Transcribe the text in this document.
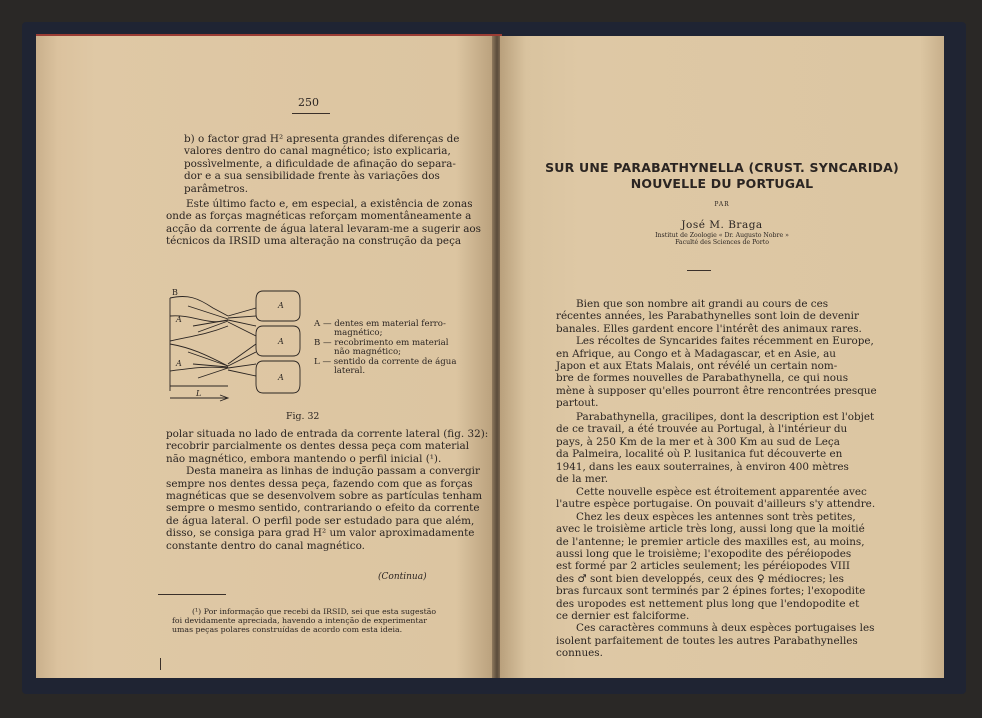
250
b) o factor grad H² apresenta grandes diferenças de
valores dentro do canal magnético; isto explicaria,
possìvelmente, a dificuldade de afinação do separa-
dor e a sua sensibilidade frente às variações dos
parâmetros.
Este último facto e, em especial, a existência de zonas
onde as forças magnéticas reforçam momentâneamente a
acção da corrente de água lateral levaram-me a sugerir aos
técnicos da IRSID uma alteração na construção da peça
B
A
A
A
A
A
L
A — dentes em material ferro-
magnético;
B — recobrimento em material
não magnético;
L — sentido da corrente de água
lateral.
Fig. 32
polar situada no lado de entrada da corrente lateral (fig. 32):
recobrir parcialmente os dentes dessa peça com material
não magnético, embora mantendo o perfil inicial (¹).
Desta maneira as linhas de indução passam a convergir
sempre nos dentes dessa peça, fazendo com que as forças
magnéticas que se desenvolvem sobre as partículas tenham
sempre o mesmo sentido, contrariando o efeito da corrente
de água lateral. O perfil pode ser estudado para que além,
disso, se consiga para grad H² um valor aproximadamente
constante dentro do canal magnético.
(Continua)
(¹) Por informação que recebi da IRSID, sei que esta sugestão
foi devidamente apreciada, havendo a intenção de experimentar
umas peças polares construídas de acordo com esta ideia.
SUR UNE PARABATHYNELLA (CRUST. SYNCARIDA)
NOUVELLE DU PORTUGAL
PAR
José M. Braga
Institut de Zoologie « Dr. Augusto Nobre »
Faculté des Sciences de Porto
Bien que son nombre ait grandi au cours de ces
récentes années, les Parabathynelles sont loin de devenir
banales. Elles gardent encore l'intérêt des animaux rares.
Les récoltes de Syncarides faites récemment en Europe,
en Afrique, au Congo et à Madagascar, et en Asie, au
Japon et aux Etats Malais, ont révélé un certain nom-
bre de formes nouvelles de Parabathynella, ce qui nous
mène à supposer qu'elles pourront être rencontrées presque
partout.
Parabathynella, gracilipes, dont la description est l'objet
de ce travail, a été trouvée au Portugal, à l'intérieur du
pays, à 250 Km de la mer et à 300 Km au sud de Leça
da Palmeira, localité où P. lusitanica fut découverte en
1941, dans les eaux souterraines, à environ 400 mètres
de la mer.
Cette nouvelle espèce est étroitement apparentée avec
l'autre espèce portugaise. On pouvait d'ailleurs s'y attendre.
Chez les deux espèces les antennes sont très petites,
avec le troisième article très long, aussi long que la moitié
de l'antenne; le premier article des maxilles est, au moins,
aussi long que le troisième; l'exopodite des péréiopodes
est formé par 2 articles seulement; les péréiopodes VIII
des ♂ sont bien developpés, ceux des ♀ médiocres; les
bras furcaux sont terminés par 2 épines fortes; l'exopodite
des uropodes est nettement plus long que l'endopodite et
ce dernier est falciforme.
Ces caractères communs à deux espèces portugaises les
isolent parfaitement de toutes les autres Parabathynelles
connues.
